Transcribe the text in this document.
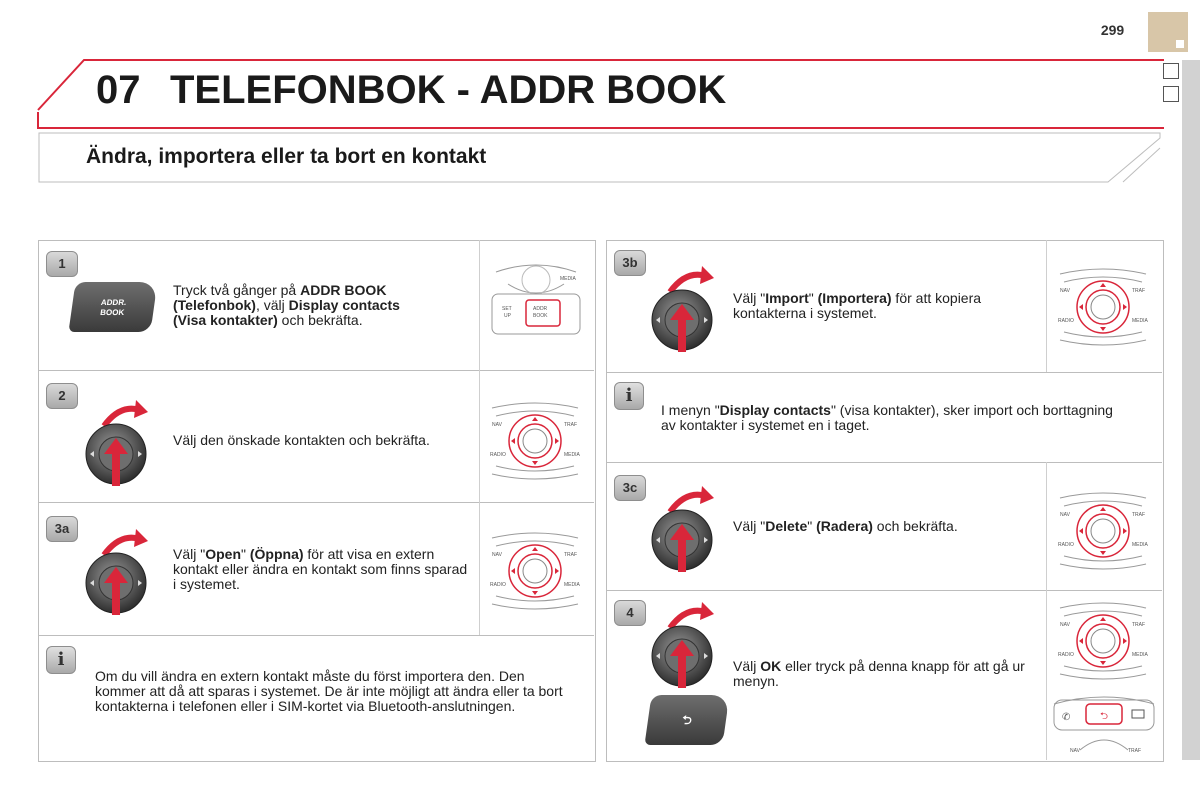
299
07 TELEFONBOK - ADDR BOOK
Ändra, importera eller ta bort en kontakt
1
ADDR.
BOOK
Tryck två gånger på ADDR BOOK
(Telefonbok), välj Display contacts
(Visa kontakter) och bekräfta.
MEDIA
SET
UP
ADDR
BOOK
2
Välj den önskade kontakten och bekräfta.
NAV	TRAF
RADIO	MEDIA
3a
Välj "Open" (Öppna) för att visa en extern kontakt eller ändra en kontakt som finns sparad i systemet.
NAV	TRAF
RADIO	MEDIA
i
Om du vill ändra en extern kontakt måste du först importera den. Den kommer att då att sparas i systemet. De är inte möjligt att ändra eller ta bort kontakterna i telefonen eller i SIM-kortet via Bluetooth-anslutningen.
3b
Välj "Import" (Importera) för att kopiera kontakterna i systemet.
NAV	TRAF
RADIO	MEDIA
i
I menyn "Display contacts" (visa kontakter), sker import och borttagning av kontakter i systemet en i taget.
3c
Välj "Delete" (Radera) och bekräfta.
NAV	TRAF
RADIO	MEDIA
4
⮌
Välj OK eller tryck på denna knapp för att gå ur menyn.
NAV	TRAF
RADIO	MEDIA
⮌
✆
NAV	TRAF
